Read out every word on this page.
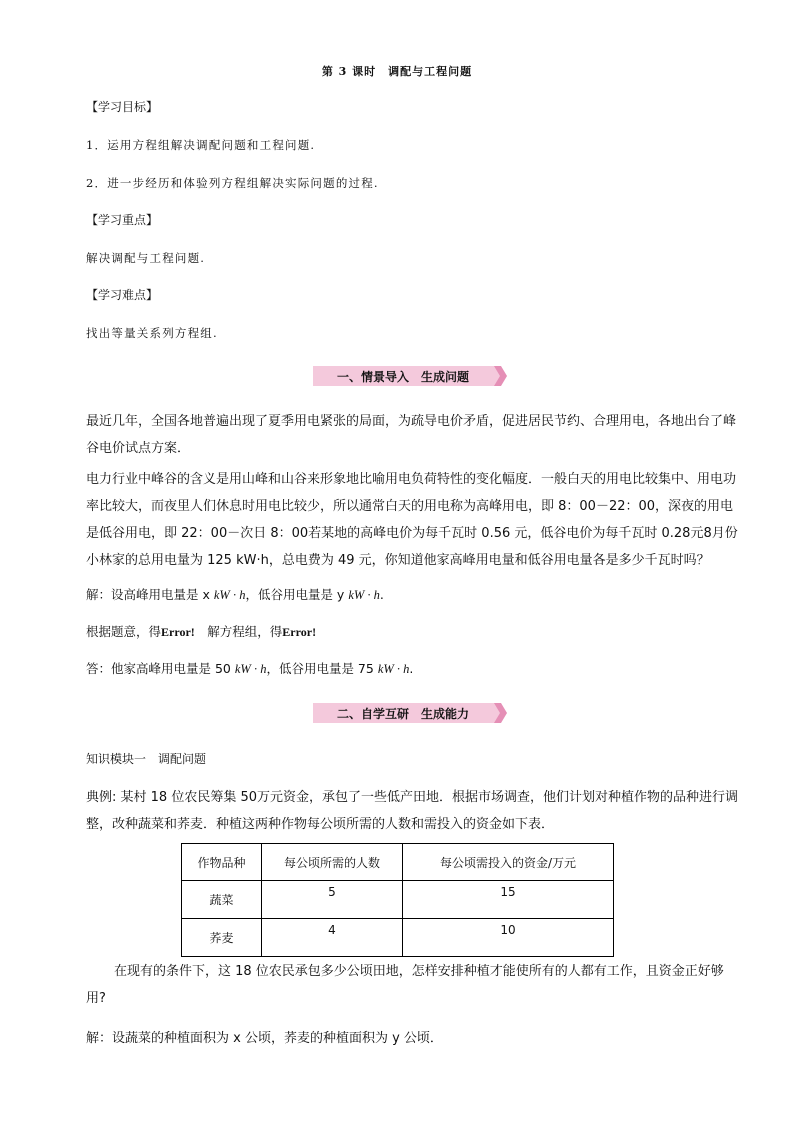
第 3 课时　调配与工程问题
【学习目标】
1．运用方程组解决调配问题和工程问题.
2．进一步经历和体验列方程组解决实际问题的过程.
【学习重点】
解决调配与工程问题.
【学习难点】
找出等量关系列方程组.
一、情景导入　生成问题
最近几年，全国各地普遍出现了夏季用电紧张的局面，为疏导电价矛盾，促进居民节约、合理用电，各地出台了峰谷电价试点方案．
电力行业中峰谷的含义是用山峰和山谷来形象地比喻用电负荷特性的变化幅度．一般白天的用电比较集中、用电功率比较大，而夜里人们休息时用电比较少，所以通常白天的用电称为高峰用电，即 8：00－22：00，深夜的用电是低谷用电，即 22：00－次日 8：00若某地的高峰电价为每千瓦时 0.56 元，低谷电价为每千瓦时 0.28元8月份小林家的总用电量为 125 kW·h，总电费为 49 元，你知道他家高峰用电量和低谷用电量各是多少千瓦时吗？
解：设高峰用电量是 x kW · h，低谷用电量是 y kW · h.
根据题意，得Error!　解方程组，得Error!
答：他家高峰用电量是 50 kW · h，低谷用电量是 75 kW · h.
二、自学互研　生成能力
知识模块一　调配问题
典例: 某村 18 位农民筹集 50万元资金，承包了一些低产田地．根据市场调查，他们计划对种植作物的品种进行调整，改种蔬菜和荞麦．种植这两种作物每公顷所需的人数和需投入的资金如下表．
作物品种	每公顷所需的人数	每公顷需投入的资金/万元
蔬菜	5	15
荞麦	4	10
在现有的条件下，这 18 位农民承包多少公顷田地，怎样安排种植才能使所有的人都有工作，且资金正好够用?
解：设蔬菜的种植面积为 x 公顷，荞麦的种植面积为 y 公顷．
